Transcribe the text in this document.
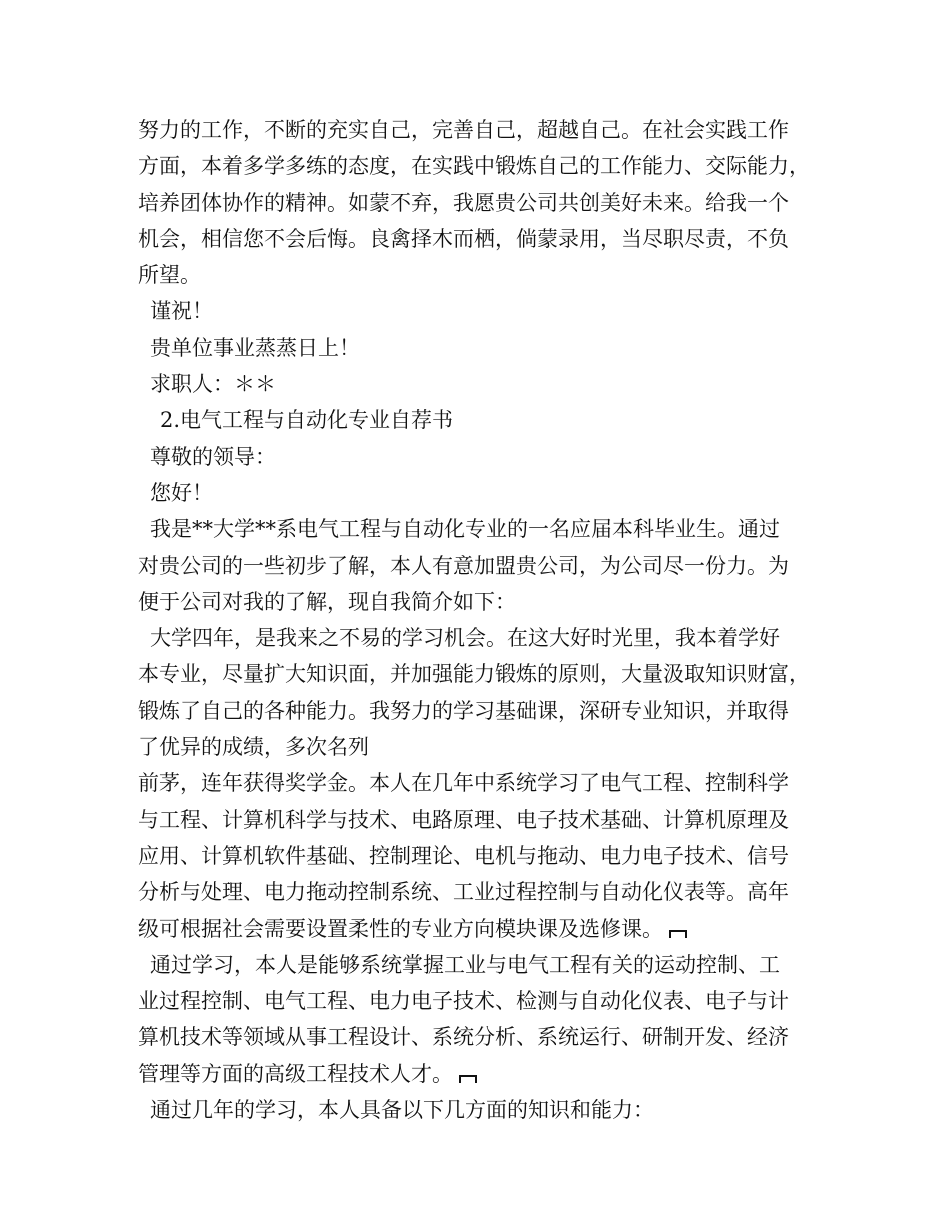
努力的工作，不断的充实自己，完善自己，超越自己。在社会实践工作
方面，本着多学多练的态度，在实践中锻炼自己的工作能力、交际能力，
培养团体协作的精神。如蒙不弃，我愿贵公司共创美好未来。给我一个
机会，相信您不会后悔。良禽择木而栖，倘蒙录用，当尽职尽责，不负
所望。
谨祝！
贵单位事业蒸蒸日上！
求职人：＊＊
2.电气工程与自动化专业自荐书
尊敬的领导：
您好！
我是**大学**系电气工程与自动化专业的一名应届本科毕业生。通过
对贵公司的一些初步了解，本人有意加盟贵公司，为公司尽一份力。为
便于公司对我的了解，现自我简介如下：
大学四年，是我来之不易的学习机会。在这大好时光里，我本着学好
本专业，尽量扩大知识面，并加强能力锻炼的原则，大量汲取知识财富，
锻炼了自己的各种能力。我努力的学习基础课，深研专业知识，并取得
了优异的成绩，多次名列
前茅，连年获得奖学金。本人在几年中系统学习了电气工程、控制科学
与工程、计算机科学与技术、电路原理、电子技术基础、计算机原理及
应用、计算机软件基础、控制理论、电机与拖动、电力电子技术、信号
分析与处理、电力拖动控制系统、工业过程控制与自动化仪表等。高年
级可根据社会需要设置柔性的专业方向模块课及选修课。
通过学习，本人是能够系统掌握工业与电气工程有关的运动控制、工
业过程控制、电气工程、电力电子技术、检测与自动化仪表、电子与计
算机技术等领域从事工程设计、系统分析、系统运行、研制开发、经济
管理等方面的高级工程技术人才。
通过几年的学习，本人具备以下几方面的知识和能力：
